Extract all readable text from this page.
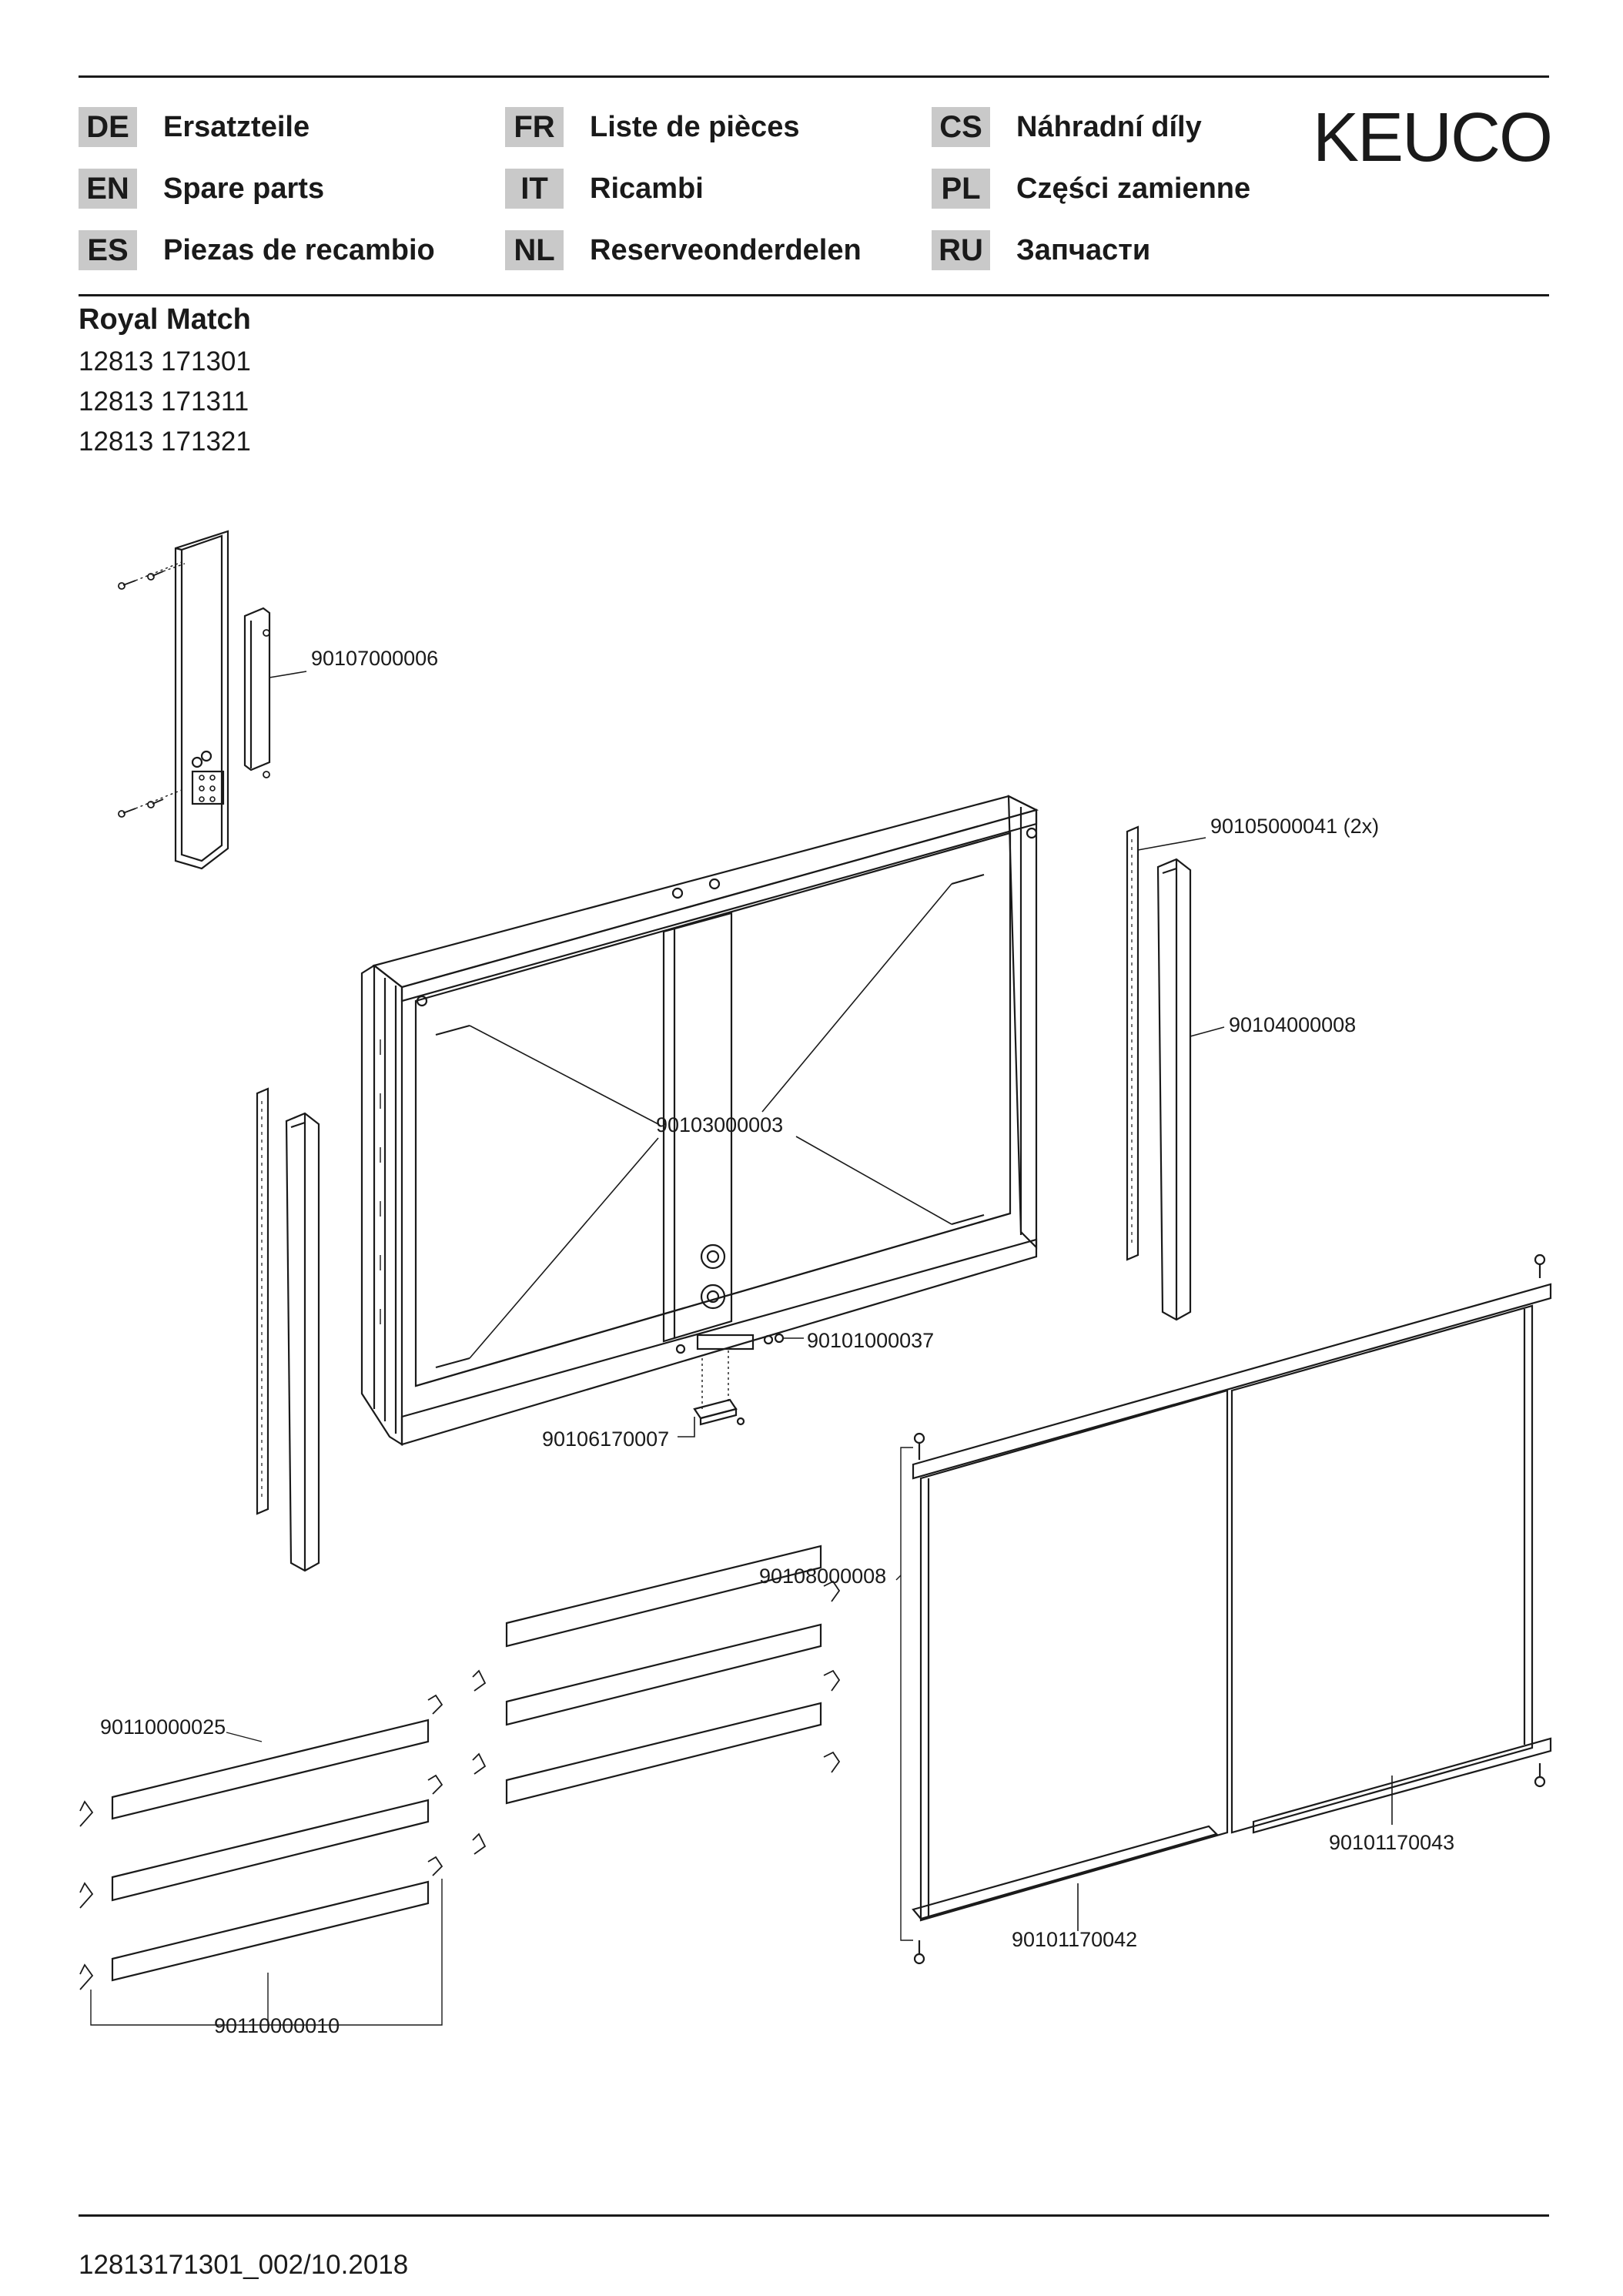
DE Ersatzteile
EN Spare parts
ES Piezas de recambio
FR Liste de pièces
IT	Ricambi
NL Reserveonderdelen
CS Náhradní díly
PL	Części zamienne
RU Запчасти
KEUCO
Royal Match
12813 171301
12813 171311
12813 171321
90107000006
90105000041 (2x)
90104000008
90103000003
90101000037
90106170007
90108000008
90110000025
90101170043
90101170042
90110000010
12813171301_002/10.2018
